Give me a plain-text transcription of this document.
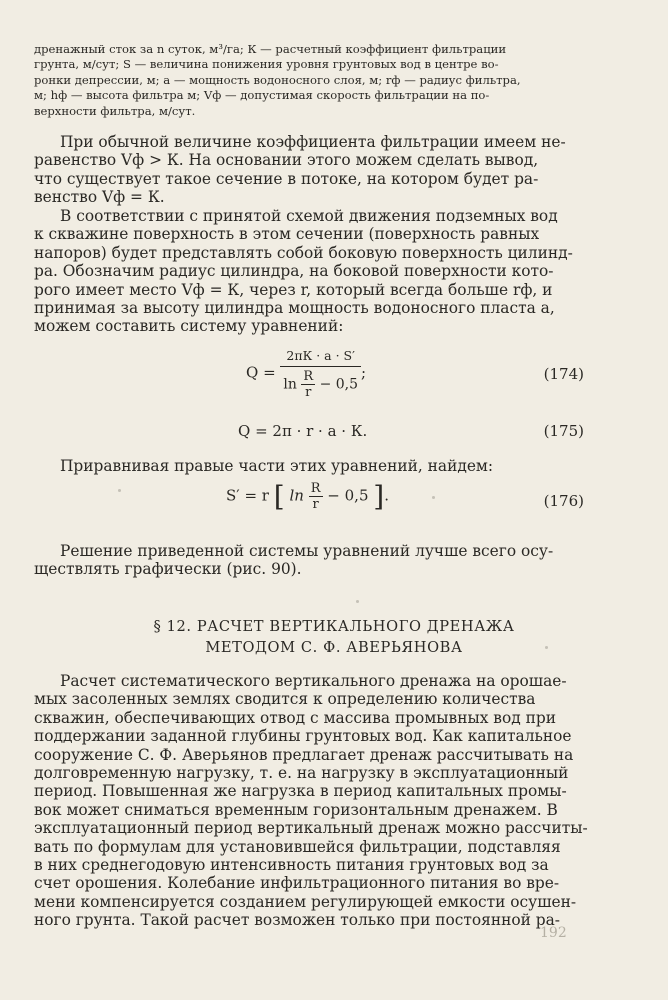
дренажный сток за n суток, м³/га; К — расчетный коэффициент фильтрации

грунта, м/сут; S — величина понижения уровня грунтовых вод в центре во-

ронки депрессии, м; a — мощность водоносного слоя, м; rф — радиус фильтра,

м; hф — высота фильтра м; Vф — допустимая скорость фильтрации на по-

верхности фильтра, м/сут.

При обычной величине коэффициента фильтрации имеем не-

равенство Vф > К. На основании этого можем сделать вывод,

что существует такое сечение в потоке, на котором будет ра-

венство Vф = К.

В соответствии с принятой схемой движения подземных вод

к скважине поверхность в этом сечении (поверхность равных

напоров) будет представлять собой боковую поверхность цилинд-

ра. Обозначим радиус цилиндра, на боковой поверхности кото-

рого имеет место Vф = К, через r, который всегда больше rф, и

принимая за высоту цилиндра мощность водоносного пласта a,

можем составить систему уравнений:

$Q = \frac{2\pi К \cdot a \cdot S'}{\ln \frac{R}{r} - 0,5}$ ;	(174)
Q = 2π · r · a · К.	(175)

Приравнивая правые части этих уравнений, найдем:

S′ = r [ $\ln \frac{R}{r} - 0,5$ ].	(176)

Решение приведенной системы уравнений лучше всего осу-

ществлять графически (рис. 90).

§ 12. РАСЧЕТ ВЕРТИКАЛЬНОГО ДРЕНАЖА
МЕТОДОМ С. Ф. АВЕРЬЯНОВА

Расчет систематического вертикального дренажа на орошае-

мых засоленных землях сводится к определению количества

скважин, обеспечивающих отвод с массива промывных вод при

поддержании заданной глубины грунтовых вод. Как капитальное

сооружение С. Ф. Аверьянов предлагает дренаж рассчитывать на

долговременную нагрузку, т. е. на нагрузку в эксплуатационный

период. Повышенная же нагрузка в период капитальных промы-

вок может сниматься временным горизонтальным дренажем. В

эксплуатационный период вертикальный дренаж можно рассчиты-

вать по формулам для установившейся фильтрации, подставляя

в них среднегодовую интенсивность питания грунтовых вод за

счет орошения. Колебание инфильтрационного питания во вре-

мени компенсируется созданием регулирующей емкости осушен-

ного грунта. Такой расчет возможен только при постоянной ра-

192
